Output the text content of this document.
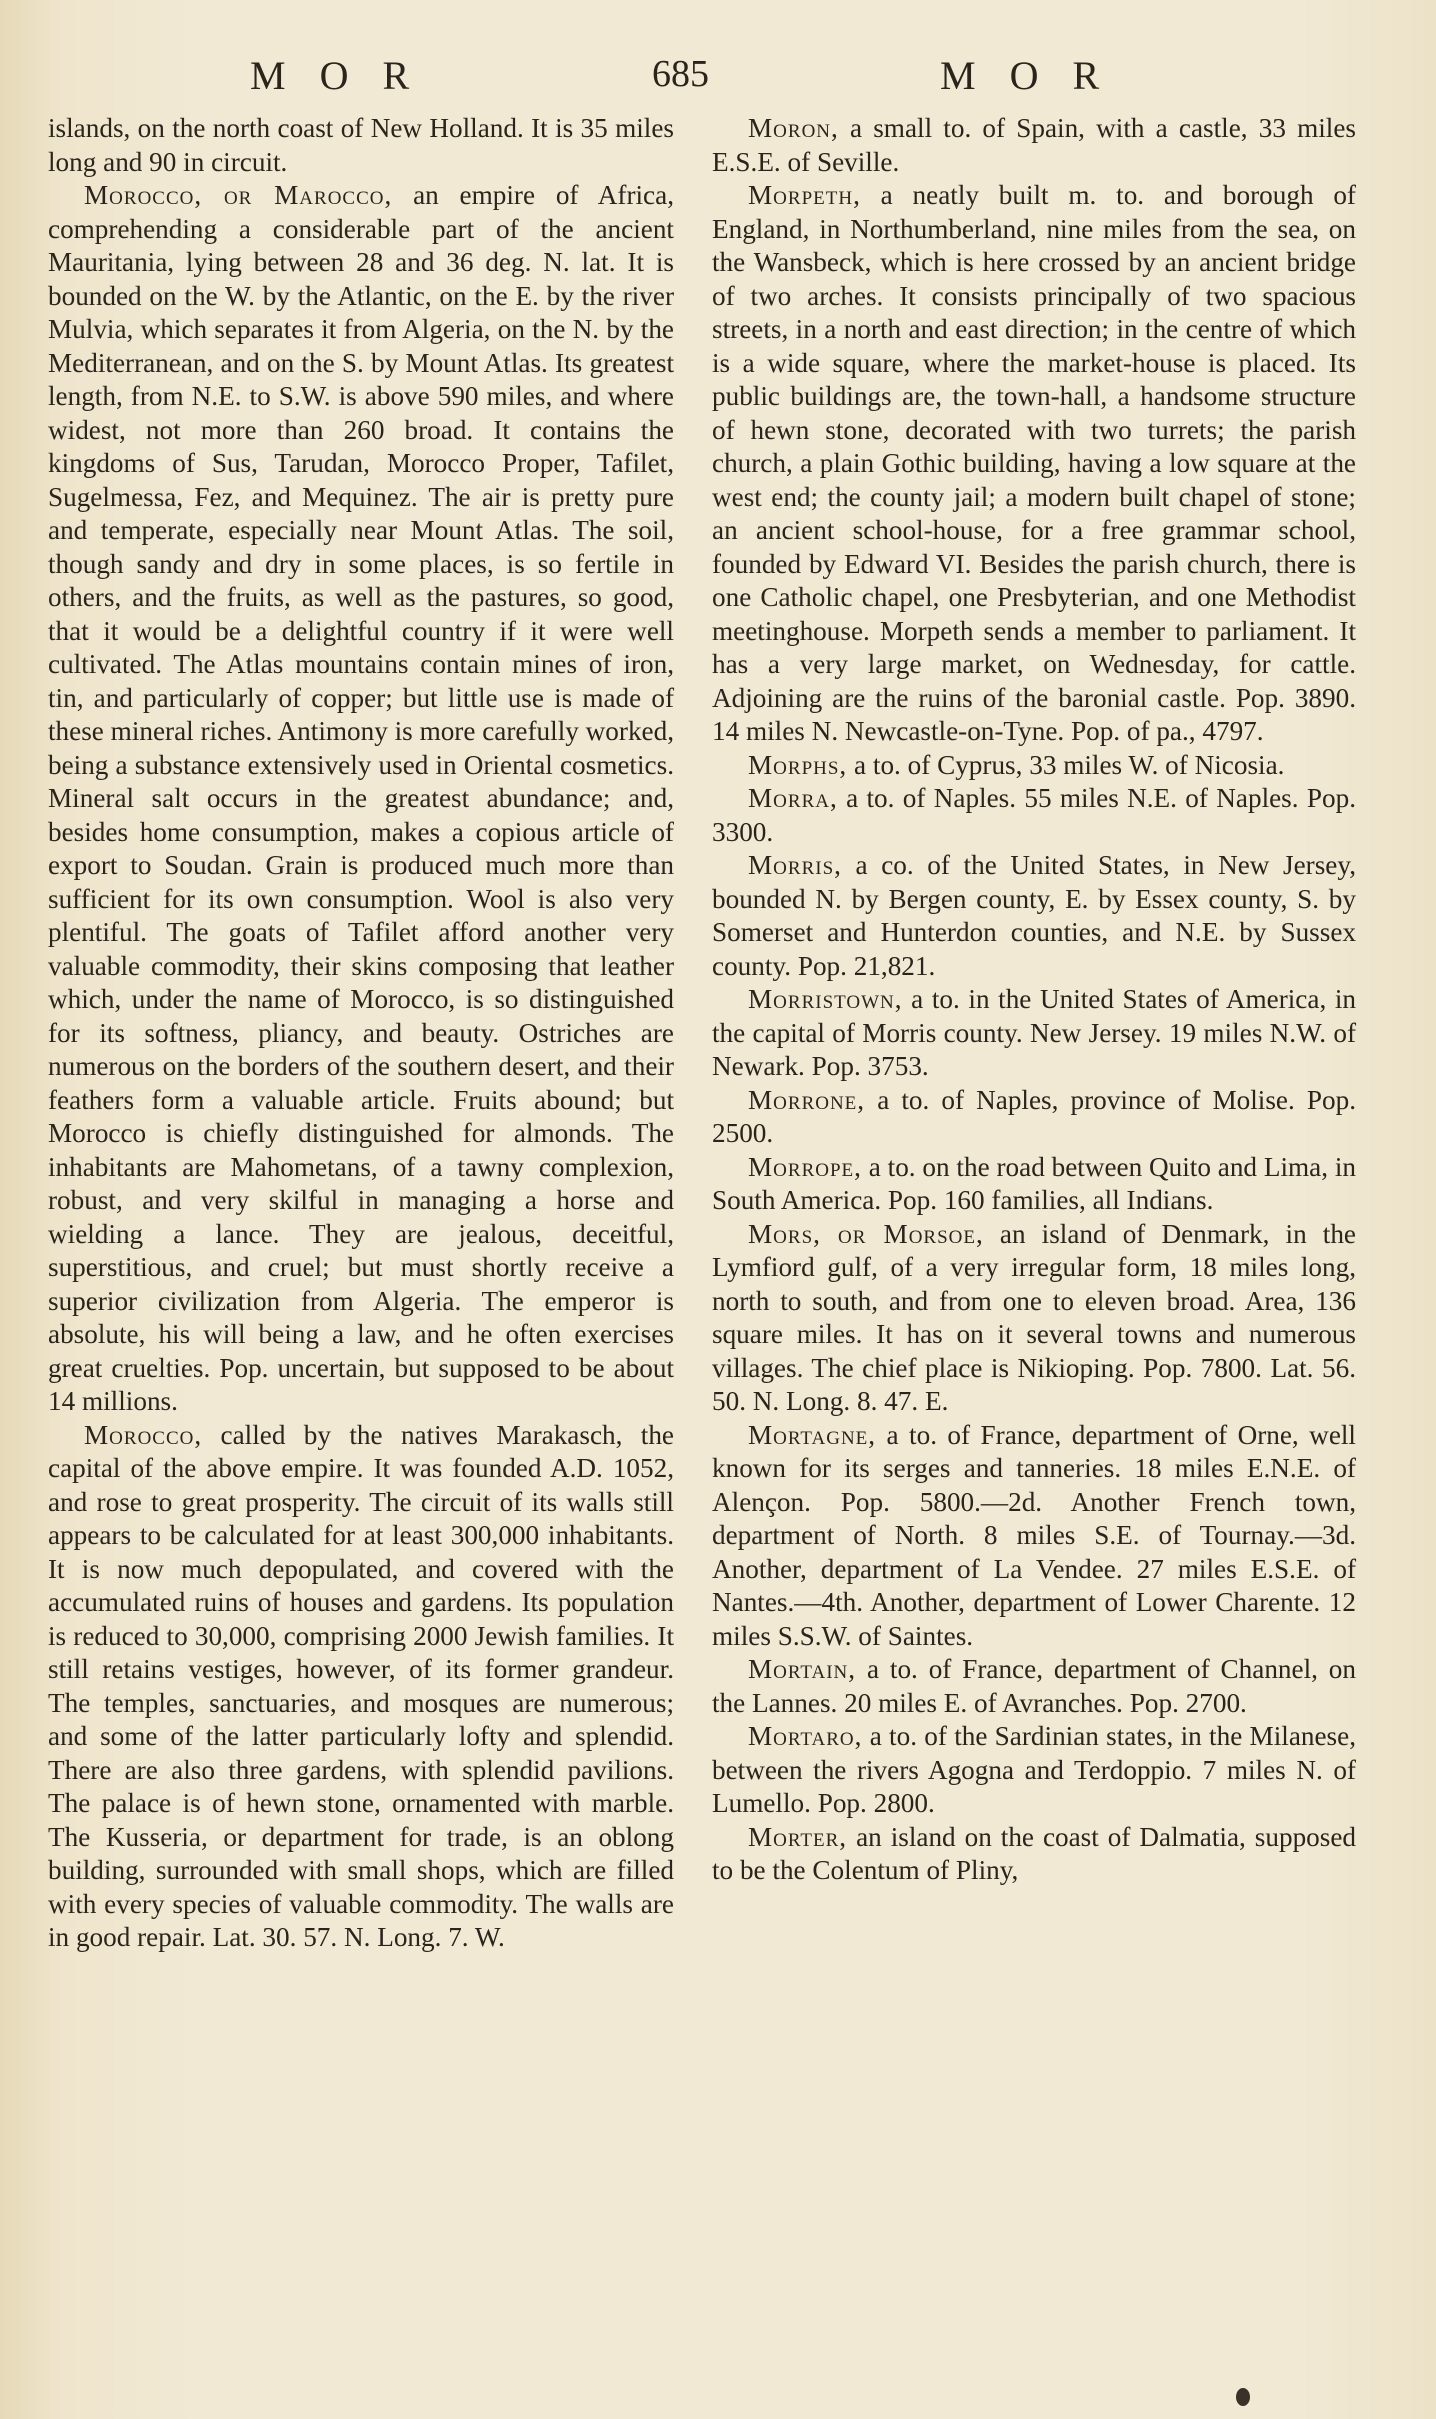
MOR	685	MOR

islands, on the north coast of New Holland. It is 35 miles long and 90 in circuit.

Morocco, or Marocco, an empire of Africa, comprehending a considerable part of the ancient Mauritania, lying between 28 and 36 deg. N. lat. It is bounded on the W. by the Atlantic, on the E. by the river Mulvia, which separates it from Algeria, on the N. by the Mediterranean, and on the S. by Mount Atlas. Its greatest length, from N.E. to S.W. is above 590 miles, and where widest, not more than 260 broad. It contains the kingdoms of Sus, Tarudan, Morocco Proper, Tafilet, Sugelmessa, Fez, and Mequinez. The air is pretty pure and temperate, especially near Mount Atlas. The soil, though sandy and dry in some places, is so fertile in others, and the fruits, as well as the pastures, so good, that it would be a delightful country if it were well cultivated. The Atlas mountains contain mines of iron, tin, and particularly of copper; but little use is made of these mineral riches. Antimony is more carefully worked, being a substance extensively used in Oriental cosmetics. Mineral salt occurs in the greatest abundance; and, besides home consumption, makes a copious article of export to Soudan. Grain is produced much more than sufficient for its own consumption. Wool is also very plentiful. The goats of Tafilet afford another very valuable commodity, their skins composing that leather which, under the name of Morocco, is so distinguished for its softness, pliancy, and beauty. Ostriches are numerous on the borders of the southern desert, and their feathers form a valuable article. Fruits abound; but Morocco is chiefly distinguished for almonds. The inhabitants are Mahometans, of a tawny complexion, robust, and very skilful in managing a horse and wielding a lance. They are jealous, deceitful, superstitious, and cruel; but must shortly receive a superior civilization from Algeria. The emperor is absolute, his will being a law, and he often exercises great cruelties. Pop. uncertain, but supposed to be about 14 millions.

Morocco, called by the natives Marakasch, the capital of the above empire. It was founded A.D. 1052, and rose to great prosperity. The circuit of its walls still appears to be calculated for at least 300,000 inhabitants. It is now much depopulated, and covered with the accumulated ruins of houses and gardens. Its population is reduced to 30,000, comprising 2000 Jewish families. It still retains vestiges, however, of its former grandeur. The temples, sanctuaries, and mosques are numerous; and some of the latter particularly lofty and splendid. There are also three gardens, with splendid pavilions. The palace is of hewn stone, ornamented with marble. The Kusseria, or department for trade, is an oblong building, surrounded with small shops, which are filled with every species of valuable commodity. The walls are in good repair. Lat. 30. 57. N. Long. 7. W.

Moron, a small to. of Spain, with a castle, 33 miles E.S.E. of Seville.

Morpeth, a neatly built m. to. and borough of England, in Northumberland, nine miles from the sea, on the Wansbeck, which is here crossed by an ancient bridge of two arches. It consists principally of two spacious streets, in a north and east direction; in the centre of which is a wide square, where the market-house is placed. Its public buildings are, the town-hall, a handsome structure of hewn stone, decorated with two turrets; the parish church, a plain Gothic building, having a low square at the west end; the county jail; a modern built chapel of stone; an ancient school-house, for a free grammar school, founded by Edward VI. Besides the parish church, there is one Catholic chapel, one Presbyterian, and one Methodist meetinghouse. Morpeth sends a member to parliament. It has a very large market, on Wednesday, for cattle. Adjoining are the ruins of the baronial castle. Pop. 3890. 14 miles N. Newcastle-on-Tyne. Pop. of pa., 4797.

Morphs, a to. of Cyprus, 33 miles W. of Nicosia.

Morra, a to. of Naples. 55 miles N.E. of Naples. Pop. 3300.

Morris, a co. of the United States, in New Jersey, bounded N. by Bergen county, E. by Essex county, S. by Somerset and Hunterdon counties, and N.E. by Sussex county. Pop. 21,821.

Morristown, a to. in the United States of America, in the capital of Morris county. New Jersey. 19 miles N.W. of Newark. Pop. 3753.

Morrone, a to. of Naples, province of Molise. Pop. 2500.

Morrope, a to. on the road between Quito and Lima, in South America. Pop. 160 families, all Indians.

Mors, or Morsoe, an island of Denmark, in the Lymfiord gulf, of a very irregular form, 18 miles long, north to south, and from one to eleven broad. Area, 136 square miles. It has on it several towns and numerous villages. The chief place is Nikioping. Pop. 7800. Lat. 56. 50. N. Long. 8. 47. E.

Mortagne, a to. of France, department of Orne, well known for its serges and tanneries. 18 miles E.N.E. of Alençon. Pop. 5800.—2d. Another French town, department of North. 8 miles S.E. of Tournay.—3d. Another, department of La Vendee. 27 miles E.S.E. of Nantes.—4th. Another, department of Lower Charente. 12 miles S.S.W. of Saintes.

Mortain, a to. of France, department of Channel, on the Lannes. 20 miles E. of Avranches. Pop. 2700.

Mortaro, a to. of the Sardinian states, in the Milanese, between the rivers Agogna and Terdoppio. 7 miles N. of Lumello. Pop. 2800.

Morter, an island on the coast of Dalmatia, supposed to be the Colentum of Pliny,
